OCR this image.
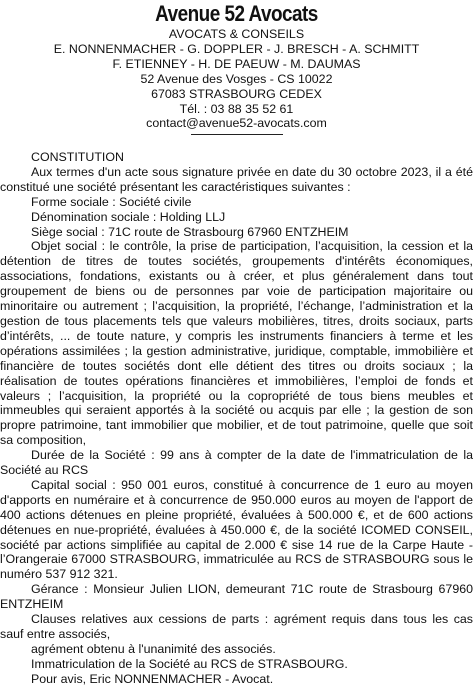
Avenue 52 Avocats
AVOCATS & CONSEILS
E. NONNENMACHER - G. DOPPLER - J. BRESCH - A. SCHMITT
F. ETIENNEY - H. DE PAEUW - M. DAUMAS
52 Avenue des Vosges - CS 10022
67083 STRASBOURG CEDEX
Tél. : 03 88 35 52 61
contact@avenue52-avocats.com

CONSTITUTION

Aux termes d'un acte sous signature privée en date du 30 octobre 2023, il a été constitué une société présentant les caractéristiques suivantes :

Forme sociale : Société civile

Dénomination sociale : Holding LLJ

Siège social : 71C route de Strasbourg 67960 ENTZHEIM

Objet social : le contrôle, la prise de participation, l’acquisition, la cession et la détention de titres de toutes sociétés, groupements d'intérêts économiques, associations, fondations, existants ou à créer, et plus généralement dans tout groupement de biens ou de personnes par voie de participation majoritaire ou minoritaire ou autrement ; l’acquisition, la propriété, l’échange, l’administration et la gestion de tous placements tels que valeurs mobilières, titres, droits sociaux, parts d’intérêts, ... de toute nature, y compris les instruments financiers à terme et les opérations assimilées ; la gestion administrative, juridique, comptable, immobilière et financière de toutes sociétés dont elle détient des titres ou droits sociaux ; la réalisation de toutes opérations financières et immobilières, l’emploi de fonds et valeurs ; l’acquisition, la propriété ou la copropriété de tous biens meubles et immeubles qui seraient apportés à la société ou acquis par elle ; la gestion de son propre patrimoine, tant immobilier que mobilier, et de tout patrimoine, quelle que soit sa composition,

Durée de la Société : 99 ans à compter de la date de l'immatriculation de la Société au RCS

Capital social : 950 001 euros, constitué à concurrence de 1 euro au moyen d'apports en numéraire et à concurrence de 950.000 euros au moyen de l'apport de 400 actions détenues en pleine propriété, évaluées à 500.000 €, et de 600 actions détenues en nue-propriété, évaluées à 450.000 €, de la société ICOMED CONSEIL, société par actions simplifiée au capital de 2.000 € sise 14 rue de la Carpe Haute - l’Orangeraie 67000 STRASBOURG, immatriculée au RCS de STRASBOURG sous le numéro 537 912 321.

Gérance : Monsieur Julien LION, demeurant 71C route de Strasbourg 67960 ENTZHEIM

Clauses relatives aux cessions de parts : agrément requis dans tous les cas sauf entre associés,

agrément obtenu à l'unanimité des associés.

Immatriculation de la Société au RCS de STRASBOURG.

Pour avis, Eric NONNENMACHER - Avocat.
